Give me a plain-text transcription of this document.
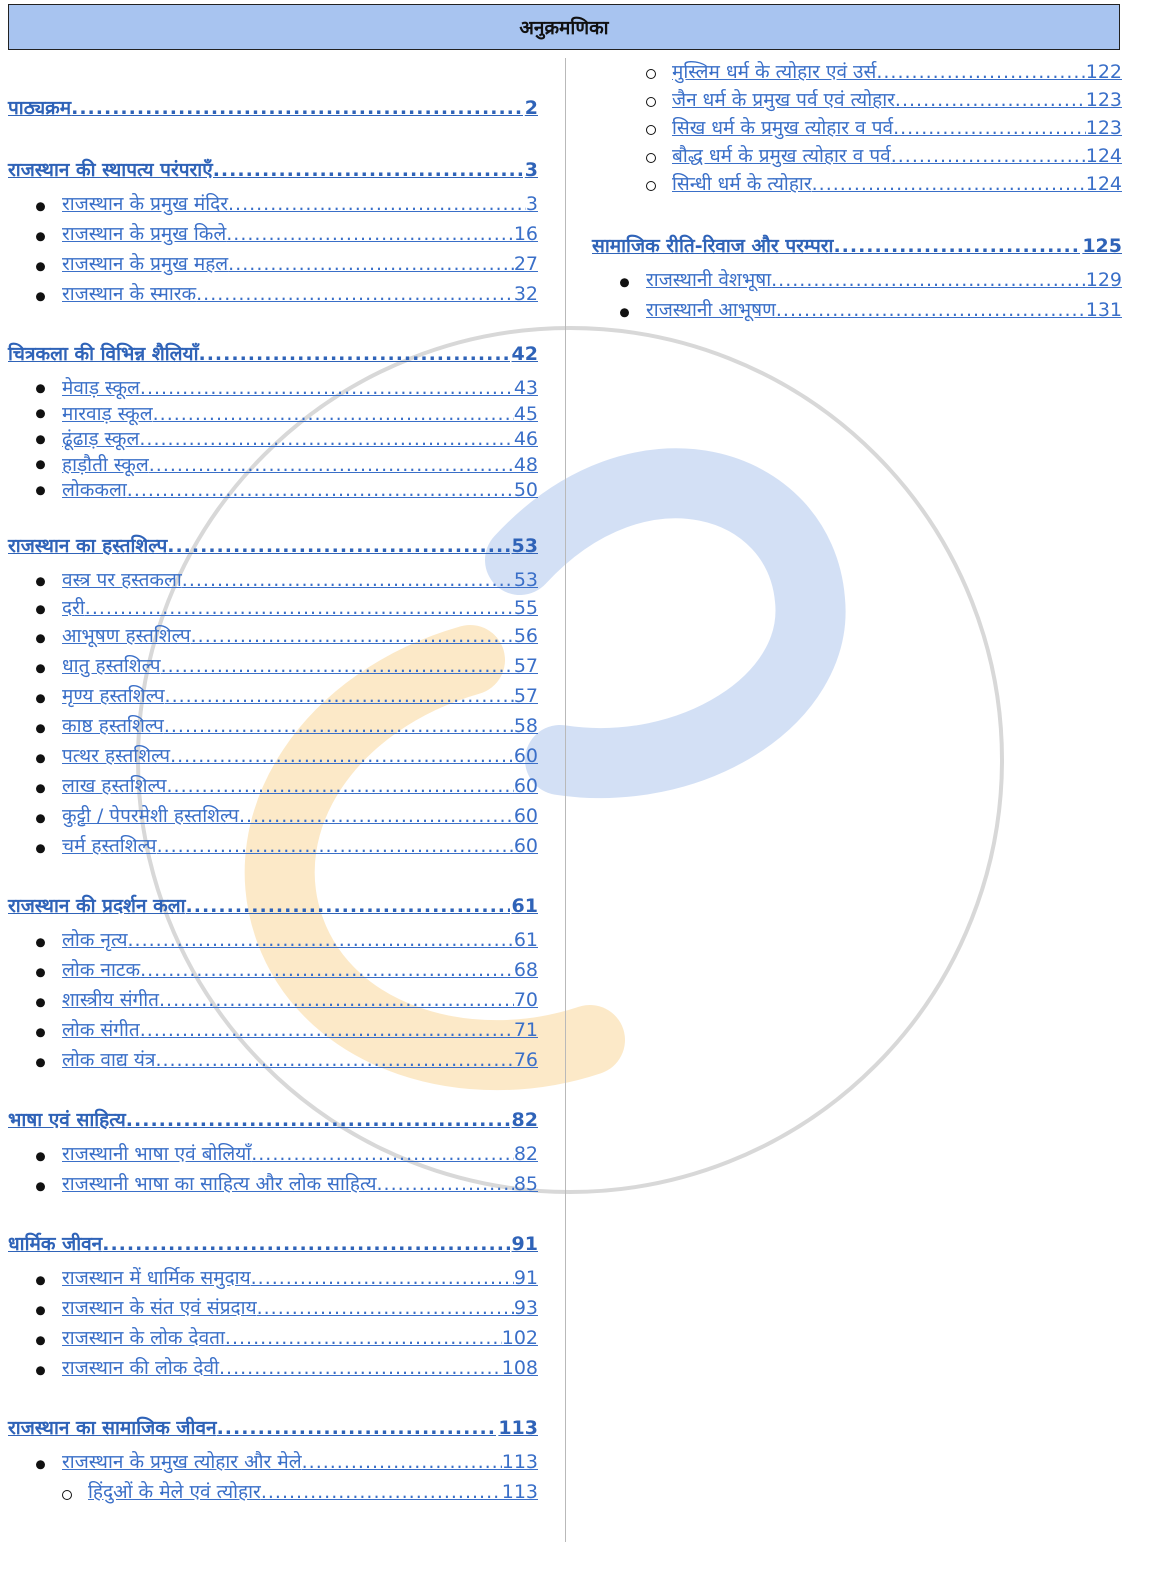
अनुक्रमणिका
पाठ्यक्रम .....	2
राजस्थान की स्थापत्य परंपराएँ .....	3
राजस्थान के प्रमुख मंदिर .....	3
राजस्थान के प्रमुख किले .....	16
राजस्थान के प्रमुख महल .....	27
राजस्थान के स्मारक .....	32
चित्रकला की विभिन्न शैलियाँ .....	42
मेवाड़ स्कूल .....	43
मारवाड़ स्कूल .....	45
ढूंढाड़ स्कूल .....	46
हाड़ौती स्कूल .....	48
लोककला .....	50
राजस्थान का हस्तशिल्प .....	53
वस्त्र पर हस्तकला .....	53
दरी .....	55
आभूषण हस्तशिल्प .....	56
धातु हस्तशिल्प .....	57
मृण्य हस्तशिल्प .....	57
काष्ठ हस्तशिल्प .....	58
पत्थर हस्तशिल्प .....	60
लाख हस्तशिल्प .....	60
कुट्टी / पेपरमेशी हस्तशिल्प .....	60
चर्म हस्तशिल्प .....	60
राजस्थान की प्रदर्शन कला .....	61
लोक नृत्य .....	61
लोक नाटक .....	68
शास्त्रीय संगीत .....	70
लोक संगीत .....	71
लोक वाद्य यंत्र .....	76
भाषा एवं साहित्य .....	82
राजस्थानी भाषा एवं बोलियाँ .....	82
राजस्थानी भाषा का साहित्य और लोक साहित्य .....	85
धार्मिक जीवन .....	91
राजस्थान में धार्मिक समुदाय .....	91
राजस्थान के संत एवं संप्रदाय .....	93
राजस्थान के लोक देवता .....	102
राजस्थान की लोक देवी .....	108
राजस्थान का सामाजिक जीवन .....	113
राजस्थान के प्रमुख त्योहार और मेले .....	113
हिंदुओं के मेले एवं त्योहार .....	113
मुस्लिम धर्म के त्योहार एवं उर्स .....	122
जैन धर्म के प्रमुख पर्व एवं त्योहार .....	123
सिख धर्म के प्रमुख त्योहार व पर्व .....	123
बौद्ध धर्म के प्रमुख त्योहार व पर्व .....	124
सिन्धी धर्म के त्योहार .....	124
सामाजिक रीति-रिवाज और परम्परा .....	125
राजस्थानी वेशभूषा .....	129
राजस्थानी आभूषण .....	131
